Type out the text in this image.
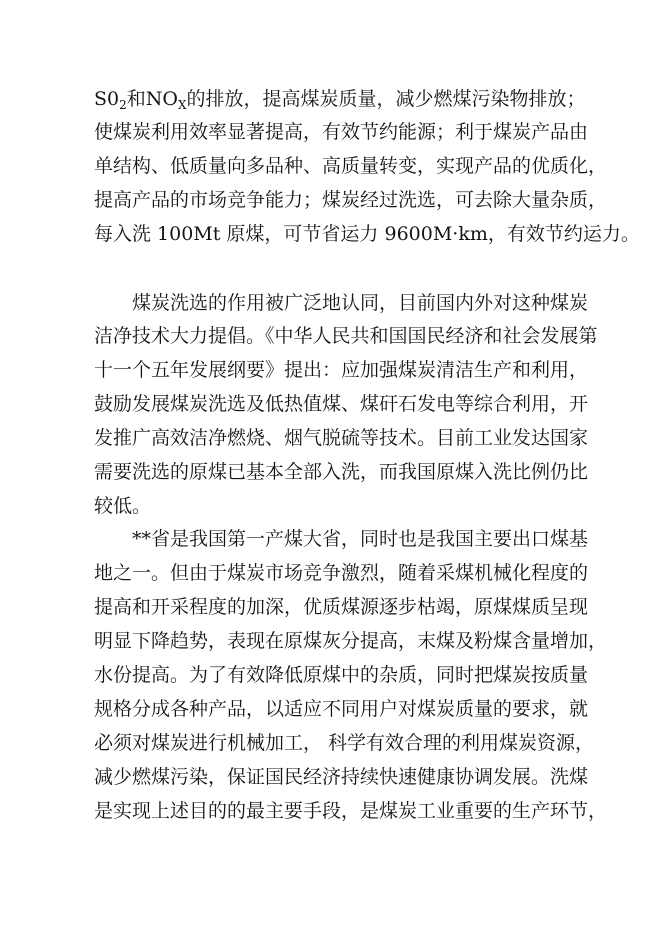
$S0_2$和$NO_X$的排放，提高煤炭质量，减少燃煤污染物排放；
使煤炭利用效率显著提高，有效节约能源；利于煤炭产品由
单结构、低质量向多品种、高质量转变，实现产品的优质化，
提高产品的市场竞争能力；煤炭经过洗选，可去除大量杂质，
每入洗 100Mt 原煤，可节省运力 9600M·km，有效节约运力。
煤炭洗选的作用被广泛地认同，目前国内外对这种煤炭
洁净技术大力提倡。《中华人民共和国国民经济和社会发展第
十一个五年发展纲要》提出：应加强煤炭清洁生产和利用，
鼓励发展煤炭洗选及低热值煤、煤矸石发电等综合利用，开
发推广高效洁净燃烧、烟气脱硫等技术。目前工业发达国家
需要洗选的原煤已基本全部入洗，而我国原煤入洗比例仍比
较低。
**省是我国第一产煤大省，同时也是我国主要出口煤基
地之一。但由于煤炭市场竞争激烈，随着采煤机械化程度的
提高和开采程度的加深，优质煤源逐步枯竭，原煤煤质呈现
明显下降趋势，表现在原煤灰分提高，末煤及粉煤含量增加，
水份提高。为了有效降低原煤中的杂质，同时把煤炭按质量
规格分成各种产品，以适应不同用户对煤炭质量的要求，就
必须对煤炭进行机械加工， 科学有效合理的利用煤炭资源，
减少燃煤污染，保证国民经济持续快速健康协调发展。洗煤
是实现上述目的的最主要手段，是煤炭工业重要的生产环节，
